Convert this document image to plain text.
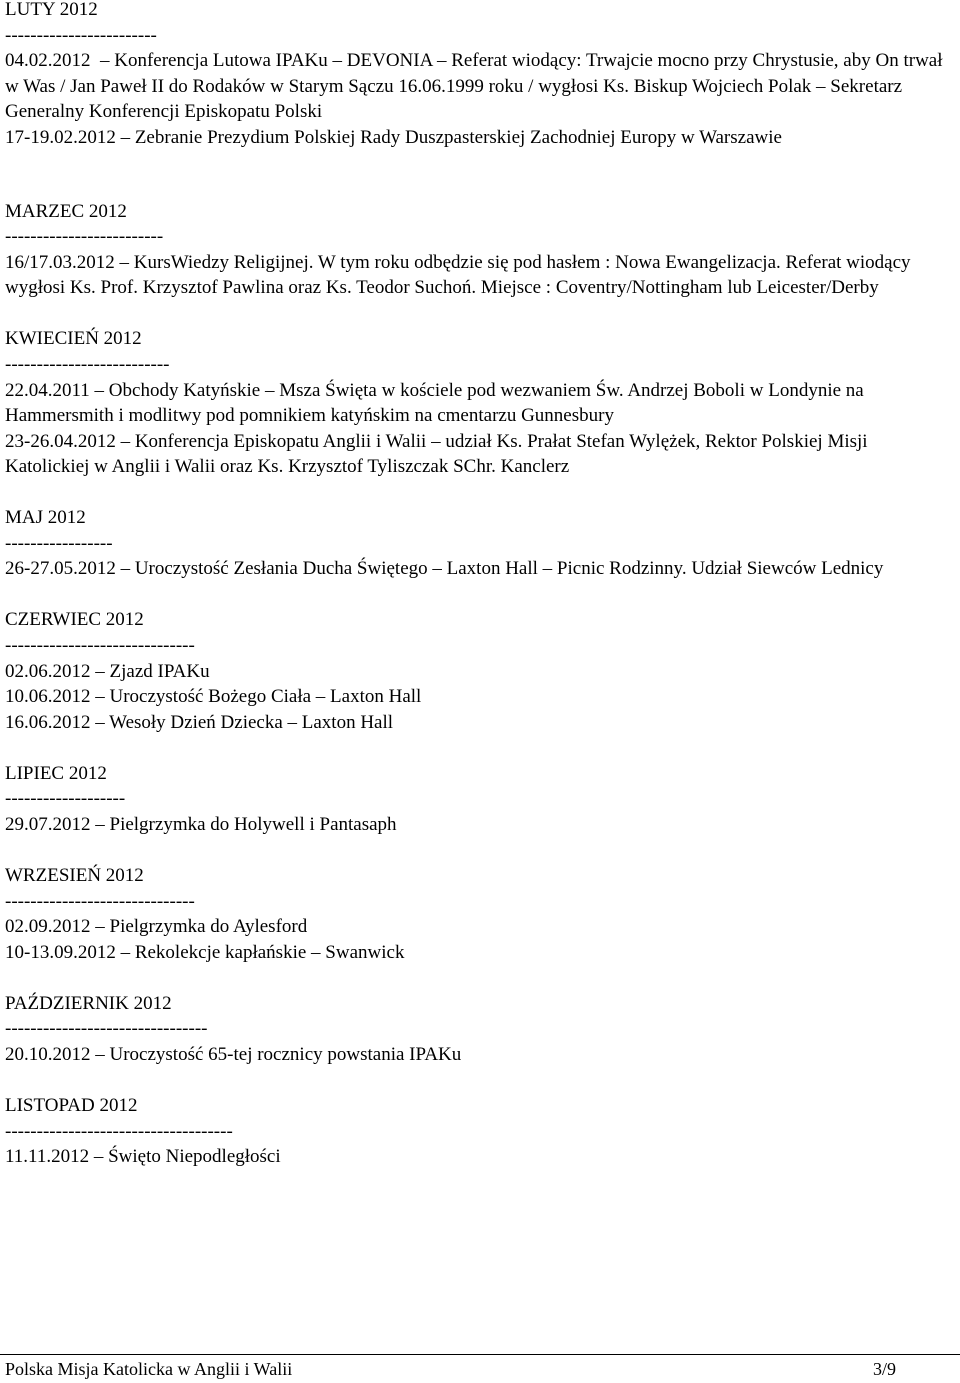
LUTY 2012

------------------------

04.02.2012  – Konferencja Lutowa IPAKu – DEVONIA – Referat wiodący: Trwajcie mocno przy Chrystusie, aby On trwał w Was / Jan Paweł II do Rodaków w Starym Sączu 16.06.1999 roku / wygłosi Ks. Biskup Wojciech Polak – Sekretarz Generalny Konferencji Episkopatu Polski

17-19.02.2012 – Zebranie Prezydium Polskiej Rady Duszpasterskiej Zachodniej Europy w Warszawie

MARZEC 2012

-------------------------

16/17.03.2012 – KursWiedzy Religijnej. W tym roku odbędzie się pod hasłem : Nowa Ewangelizacja. Referat wiodący wygłosi Ks. Prof. Krzysztof Pawlina oraz Ks. Teodor Suchoń. Miejsce : Coventry/Nottingham lub Leicester/Derby

KWIECIEŃ 2012

--------------------------

22.04.2011 – Obchody Katyńskie – Msza Święta w kościele pod wezwaniem Św. Andrzej Boboli w Londynie na Hammersmith i modlitwy pod pomnikiem katyńskim na cmentarzu Gunnesbury

23-26.04.2012 – Konferencja Episkopatu Anglii i Walii – udział Ks. Prałat Stefan Wylężek, Rektor Polskiej Misji Katolickiej w Anglii i Walii oraz Ks. Krzysztof Tyliszczak SChr. Kanclerz

MAJ 2012

-----------------

26-27.05.2012 – Uroczystość Zesłania Ducha Świętego – Laxton Hall – Picnic Rodzinny. Udział Siewców Lednicy

CZERWIEC 2012

------------------------------

02.06.2012 – Zjazd IPAKu

10.06.2012 – Uroczystość Bożego Ciała – Laxton Hall

16.06.2012 – Wesoły Dzień Dziecka – Laxton Hall

LIPIEC 2012

-------------------

29.07.2012 – Pielgrzymka do Holywell i Pantasaph

WRZESIEŃ 2012

------------------------------

02.09.2012 – Pielgrzymka do Aylesford

10-13.09.2012 – Rekolekcje kapłańskie – Swanwick

PAŹDZIERNIK 2012

--------------------------------

20.10.2012 – Uroczystość 65-tej rocznicy powstania IPAKu

LISTOPAD 2012

------------------------------------

11.11.2012 – Święto Niepodległości

Polska Misja Katolicka w Anglii i Walii	3/9
